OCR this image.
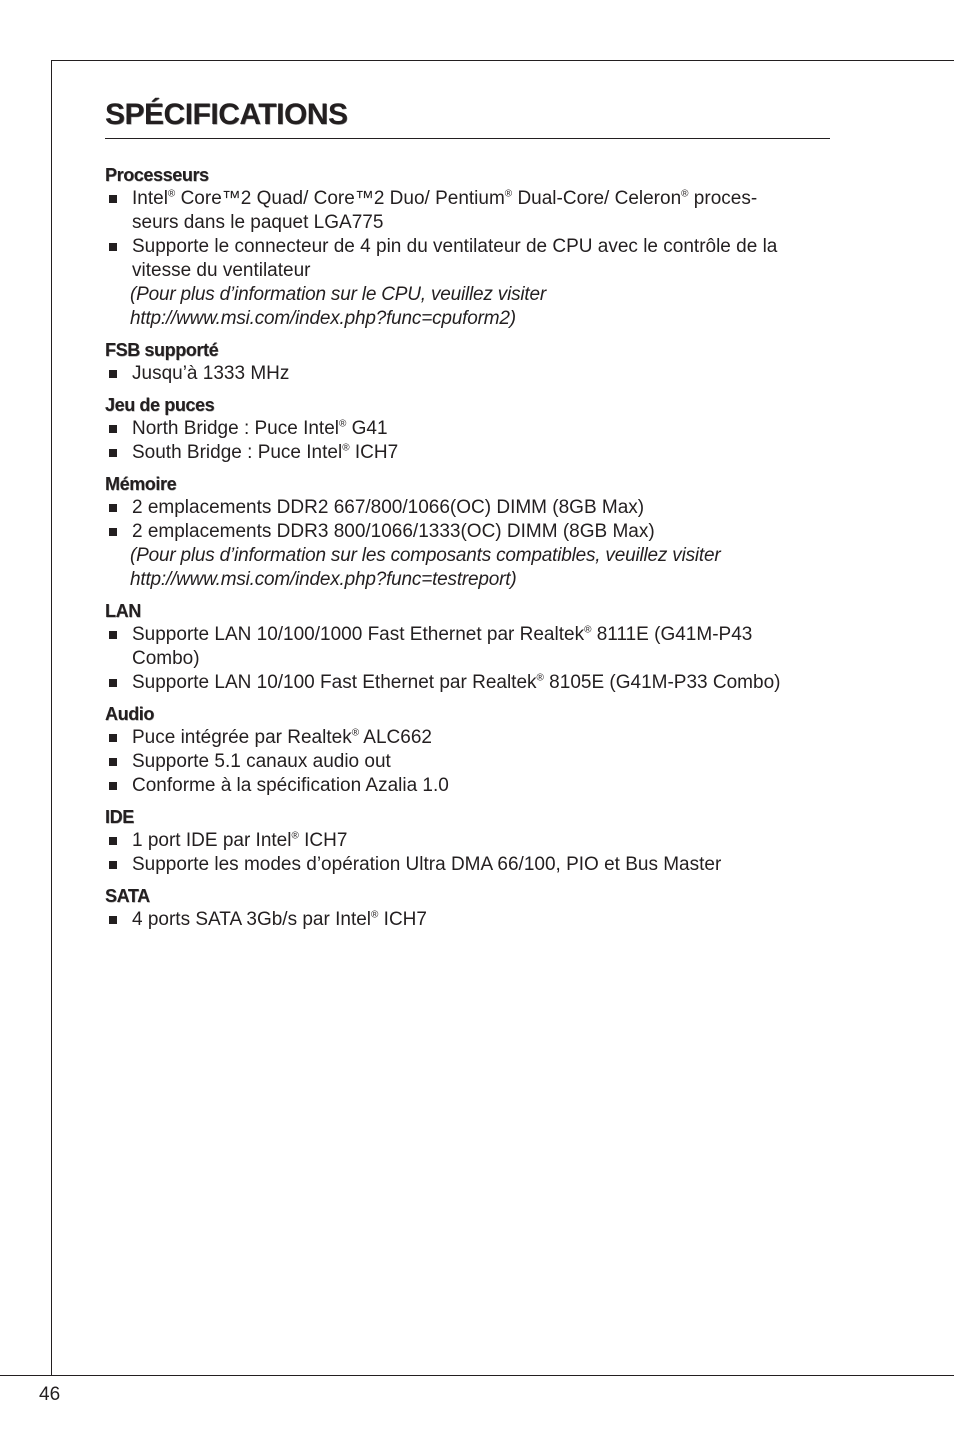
SPÉCIFICATIONS
Processeurs
Intel® Core™2 Quad/ Core™2 Duo/ Pentium® Dual-Core/ Celeron® proces-
seurs dans le paquet LGA775
Supporte le connecteur de 4 pin du ventilateur de CPU avec le contrôle de la
vitesse du ventilateur
(Pour plus d’information sur le CPU, veuillez visiter
http://www.msi.com/index.php?func=cpuform2)
FSB supporté
Jusqu’à 1333 MHz
Jeu de puces
North Bridge : Puce Intel® G41
South Bridge : Puce Intel® ICH7
Mémoire
2 emplacements DDR2 667/800/1066(OC) DIMM (8GB Max)
2 emplacements DDR3 800/1066/1333(OC) DIMM (8GB Max)
(Pour plus d’information sur les composants compatibles, veuillez visiter
http://www.msi.com/index.php?func=testreport)
LAN
Supporte LAN 10/100/1000 Fast Ethernet par Realtek® 8111E (G41M-P43
Combo)
Supporte LAN 10/100 Fast Ethernet par Realtek® 8105E (G41M-P33 Combo)
Audio
Puce intégrée par Realtek® ALC662
Supporte 5.1 canaux audio out
Conforme à la spécification Azalia 1.0
IDE
1 port IDE par Intel® ICH7
Supporte les modes d’opération Ultra DMA 66/100, PIO et Bus Master
SATA
4 ports SATA 3Gb/s par Intel® ICH7
46
